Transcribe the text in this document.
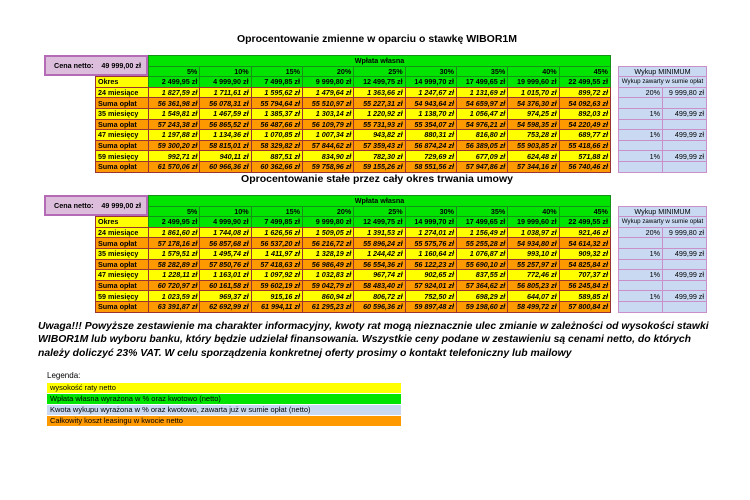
Oprocentowanie zmienne w oparciu o stawkę WIBOR1M
Cena netto: 49 999,00 zł
Wpłata własna
5%	10%	15%	20%	25%	30%	35%	40%	45%	Wykup MINIMUM
Wykup zawarty w sumie opłat
Okres	2 499,95 zł	4 999,90 zł	7 499,85 zł	9 999,80 zł	12 499,75 zł	14 999,70 zł	17 499,65 zł	19 999,60 zł	22 499,55 zł
24 miesiące	1 827,59 zł	1 711,61 zł	1 595,62 zł	1 479,64 zł	1 363,66 zł	1 247,67 zł	1 131,69 zł	1 015,70 zł	899,72 zł	20%	9 999,80 zł
Suma opłat	56 361,98 zł	56 078,31 zł	55 794,64 zł	55 510,97 zł	55 227,31 zł	54 943,64 zł	54 659,97 zł	54 376,30 zł	54 092,63 zł
35 miesięcy	1 549,81 zł	1 467,59 zł	1 385,37 zł	1 303,14 zł	1 220,92 zł	1 138,70 zł	1 056,47 zł	974,25 zł	892,03 zł	1%	499,99 zł
Suma opłat	57 243,38 zł	56 865,52 zł	56 487,66 zł	56 109,79 zł	55 731,93 zł	55 354,07 zł	54 976,21 zł	54 598,35 zł	54 220,49 zł
47 miesięcy	1 197,88 zł	1 134,36 zł	1 070,85 zł	1 007,34 zł	943,82 zł	880,31 zł	816,80 zł	753,28 zł	689,77 zł	1%	499,99 zł
Suma opłat	59 300,20 zł	58 815,01 zł	58 329,82 zł	57 844,62 zł	57 359,43 zł	56 874,24 zł	56 389,05 zł	55 903,85 zł	55 418,66 zł
59 miesięcy	992,71 zł	940,11 zł	887,51 zł	834,90 zł	782,30 zł	729,69 zł	677,09 zł	624,48 zł	571,88 zł	1%	499,99 zł
Suma opłat	61 570,06 zł	60 966,36 zł	60 362,66 zł	59 758,96 zł	59 155,26 zł	58 551,56 zł	57 947,86 zł	57 344,16 zł	56 740,46 zł
Oprocentowanie stałe przez cały okres trwania umowy
Cena netto: 49 999,00 zł
Wpłata własna
5%	10%	15%	20%	25%	30%	35%	40%	45%	Wykup MINIMUM
Wykup zawarty w sumie opłat
Okres	2 499,95 zł	4 999,90 zł	7 499,85 zł	9 999,80 zł	12 499,75 zł	14 999,70 zł	17 499,65 zł	19 999,60 zł	22 499,55 zł
24 miesiące	1 861,60 zł	1 744,08 zł	1 626,56 zł	1 509,05 zł	1 391,53 zł	1 274,01 zł	1 156,49 zł	1 038,97 zł	921,46 zł	20%	9 999,80 zł
Suma opłat	57 178,16 zł	56 857,68 zł	56 537,20 zł	56 216,72 zł	55 896,24 zł	55 575,76 zł	55 255,28 zł	54 934,80 zł	54 614,32 zł
35 miesięcy	1 579,51 zł	1 495,74 zł	1 411,97 zł	1 328,19 zł	1 244,42 zł	1 160,64 zł	1 076,87 zł	993,10 zł	909,32 zł	1%	499,99 zł
Suma opłat	58 282,89 zł	57 850,76 zł	57 418,63 zł	56 986,49 zł	56 554,36 zł	56 122,23 zł	55 690,10 zł	55 257,97 zł	54 825,84 zł
47 miesięcy	1 228,11 zł	1 163,01 zł	1 097,92 zł	1 032,83 zł	967,74 zł	902,65 zł	837,55 zł	772,46 zł	707,37 zł	1%	499,99 zł
Suma opłat	60 720,97 zł	60 161,58 zł	59 602,19 zł	59 042,79 zł	58 483,40 zł	57 924,01 zł	57 364,62 zł	56 805,23 zł	56 245,84 zł
59 miesięcy	1 023,59 zł	969,37 zł	915,16 zł	860,94 zł	806,72 zł	752,50 zł	698,29 zł	644,07 zł	589,85 zł	1%	499,99 zł
Suma opłat	63 391,87 zł	62 692,99 zł	61 994,11 zł	61 295,23 zł	60 596,36 zł	59 897,48 zł	59 198,60 zł	58 499,72 zł	57 800,84 zł
Uwaga!!! Powyższe zestawienie ma charakter informacyjny, kwoty rat mogą nieznacznie ulec zmianie w zależności od wysokości stawki WIBOR1M lub wyboru banku, który będzie udzielał finansowania. Wszystkie ceny podane w zestawieniu są cenami netto, do których należy doliczyć 23% VAT. W celu sporządzenia konkretnej oferty prosimy o kontakt telefoniczny lub mailowy
Legenda:
wysokość raty netto
Wpłata własna wyrażona w % oraz kwotowo (netto)
Kwota wykupu wyrażona w % oraz kwotowo, zawarta już w sumie opłat (netto)
Całkowity koszt leasingu w kwocie netto
